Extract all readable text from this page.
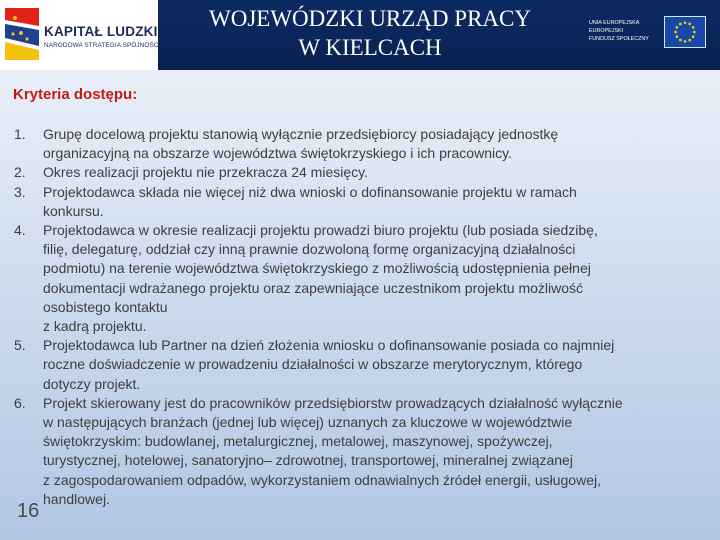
KAPITAŁ LUDZKI
NARODOWA STRATEGIA SPÓJNOŚCI
WOJEWÓDZKI URZĄD PRACY
W KIELCACH
UNIA EUROPEJSKA
EUROPEJSKI
FUNDUSZ SPOŁECZNY
Kryteria dostępu:
1. Grupę docelową projektu stanowią wyłącznie przedsiębiorcy posiadający jednostkę
organizacyjną na obszarze województwa świętokrzyskiego i ich pracownicy.
2. Okres realizacji projektu nie przekracza 24 miesięcy.
3. Projektodawca składa nie więcej niż dwa wnioski o dofinansowanie projektu w ramach
konkursu.
4. Projektodawca w okresie realizacji projektu prowadzi biuro projektu (lub posiada siedzibę,
filię, delegaturę, oddział czy inną prawnie dozwoloną formę organizacyjną działalności
podmiotu) na terenie województwa świętokrzyskiego z możliwością udostępnienia pełnej
dokumentacji wdrażanego projektu oraz zapewniające uczestnikom projektu możliwość
osobistego kontaktu
z kadrą projektu.
5. Projektodawca lub Partner na dzień złożenia wniosku o dofinansowanie posiada co najmniej
roczne doświadczenie w prowadzeniu działalności w obszarze merytorycznym, którego
dotyczy projekt.
6. Projekt skierowany jest do pracowników przedsiębiorstw prowadzących działalność wyłącznie
w następujących branżach (jednej lub więcej) uznanych za kluczowe w województwie
świętokrzyskim: budowlanej, metalurgicznej, metalowej, maszynowej, spożywczej,
turystycznej, hotelowej, sanatoryjno– zdrowotnej, transportowej, mineralnej związanej
z zagospodarowaniem odpadów, wykorzystaniem odnawialnych źródeł energii, usługowej,
handlowej.
16
